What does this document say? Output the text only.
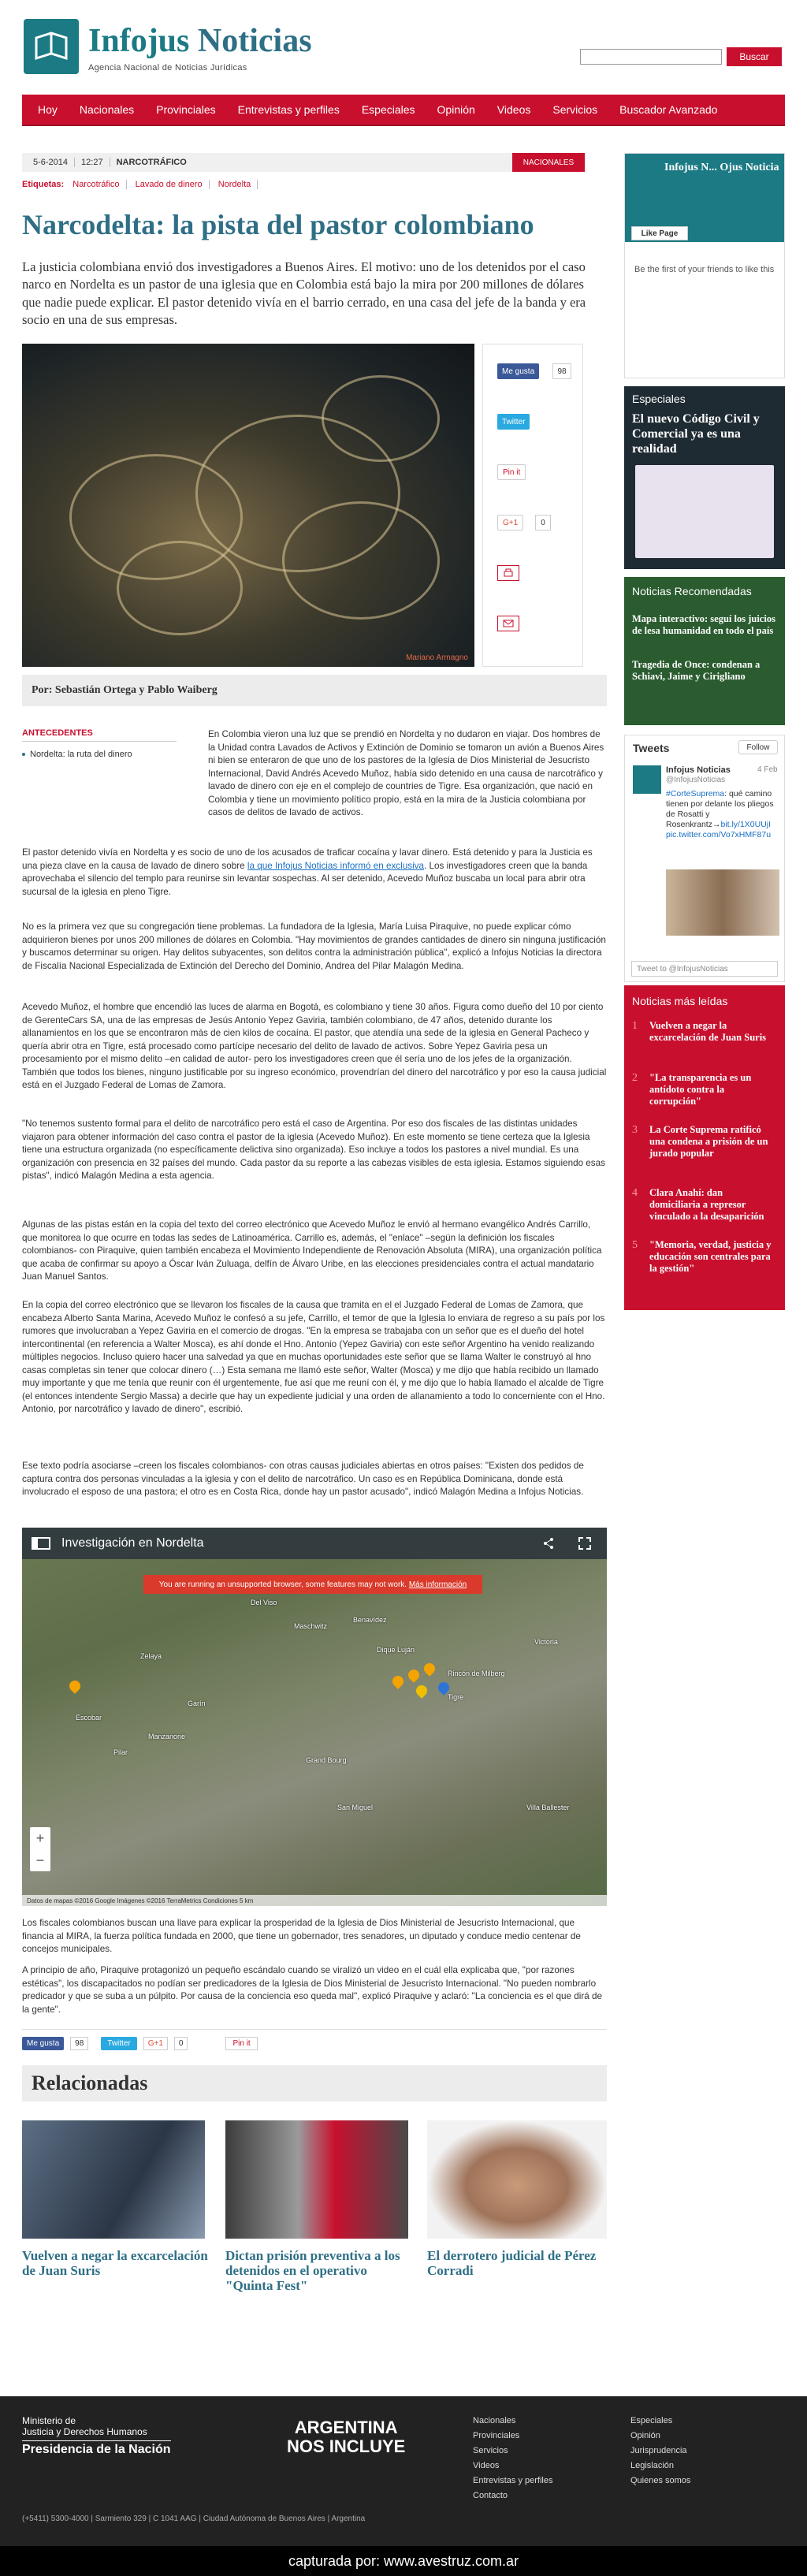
Infojus Noticias
Agencia Nacional de Noticias Jurídicas
Buscar
Hoy	Nacionales	Provinciales	Entrevistas y perfiles	Especiales	Opinión	Videos	Servicios	Buscador Avanzado
5-6-2014	12:27	NARCOTRÁFICO	NACIONALES
Etiquetas: Narcotráfico Lavado de dinero Nordelta
Narcodelta: la pista del pastor colombiano

La justicia colombiana envió dos investigadores a Buenos Aires. El motivo: uno de los detenidos por el caso narco en Nordelta es un pastor de una iglesia que en Colombia está bajo la mira por 200 millones de dólares que nadie puede explicar. El pastor detenido vivía en el barrio cerrado, en una casa del jefe de la banda y era socio en una de sus empresas.

Mariano Armagno
Me gusta	98
Twitter
Pin it
G+1	0
Por: Sebastián Ortega y Pablo Waiberg
ANTECEDENTES
Nordelta: la ruta del dinero
En Colombia vieron una luz que se prendió en Nordelta y no dudaron en viajar. Dos hombres de la Unidad contra Lavados de Activos y Extinción de Dominio se tomaron un avión a Buenos Aires ni bien se enteraron de que uno de los pastores de la Iglesia de Dios Ministerial de Jesucristo Internacional, David Andrés Acevedo Muñoz, había sido detenido en una causa de narcotráfico y lavado de dinero con eje en el complejo de countries de Tigre. Esa organización, que nació en Colombia y tiene un movimiento político propio, está en la mira de la Justicia colombiana por casos de delitos de lavado de activos.
El pastor detenido vivía en Nordelta y es socio de uno de los acusados de traficar cocaína y lavar dinero. Está detenido y para la Justicia es una pieza clave en la causa de lavado de dinero sobre la que Infojus Noticias informó en exclusiva. Los investigadores creen que la banda aprovechaba el silencio del templo para reunirse sin levantar sospechas. Al ser detenido, Acevedo Muñoz buscaba un local para abrir otra sucursal de la iglesia en pleno Tigre.
No es la primera vez que su congregación tiene problemas. La fundadora de la Iglesia, María Luisa Piraquive, no puede explicar cómo adquirieron bienes por unos 200 millones de dólares en Colombia. "Hay movimientos de grandes cantidades de dinero sin ninguna justificación y buscamos determinar su origen. Hay delitos subyacentes, son delitos contra la administración pública", explicó a Infojus Noticias la directora de Fiscalía Nacional Especializada de Extinción del Derecho del Dominio, Andrea del Pilar Malagón Medina.
Acevedo Muñoz, el hombre que encendió las luces de alarma en Bogotá, es colombiano y tiene 30 años. Figura como dueño del 10 por ciento de GerenteCars SA, una de las empresas de Jesús Antonio Yepez Gaviria, también colombiano, de 47 años, detenido durante los allanamientos en los que se encontraron más de cien kilos de cocaína. El pastor, que atendía una sede de la iglesia en General Pacheco y quería abrir otra en Tigre, está procesado como partícipe necesario del delito de lavado de activos. Sobre Yepez Gaviria pesa un procesamiento por el mismo delito –en calidad de autor- pero los investigadores creen que él sería uno de los jefes de la organización. También que todos los bienes, ninguno justificable por su ingreso económico, provendrían del dinero del narcotráfico y por eso la causa judicial está en el Juzgado Federal de Lomas de Zamora.
"No tenemos sustento formal para el delito de narcotráfico pero está el caso de Argentina. Por eso dos fiscales de las distintas unidades viajaron para obtener información del caso contra el pastor de la iglesia (Acevedo Muñoz). En este momento se tiene certeza que la Iglesia tiene una estructura organizada (no específicamente delictiva sino organizada). Eso incluye a todos los pastores a nivel mundial. Es una organización con presencia en 32 países del mundo. Cada pastor da su reporte a las cabezas visibles de esta iglesia. Estamos siguiendo esas pistas", indicó Malagón Medina a esta agencia.
Algunas de las pistas están en la copia del texto del correo electrónico que Acevedo Muñoz le envió al hermano evangélico Andrés Carrillo, que monitorea lo que ocurre en todas las sedes de Latinoamérica. Carrillo es, además, el "enlace" –según la definición los fiscales colombianos- con Piraquive, quien también encabeza el Movimiento Independiente de Renovación Absoluta (MIRA), una organización política que acaba de confirmar su apoyo a Óscar Iván Zuluaga, delfín de Álvaro Uribe, en las elecciones presidenciales contra el actual mandatario Juan Manuel Santos.
En la copia del correo electrónico que se llevaron los fiscales de la causa que tramita en el el Juzgado Federal de Lomas de Zamora, que encabeza Alberto Santa Marina, Acevedo Muñoz le confesó a su jefe, Carrillo, el temor de que la Iglesia lo enviara de regreso a su país por los rumores que involucraban a Yepez Gaviria en el comercio de drogas. "En la empresa se trabajaba con un señor que es el dueño del hotel intercontinental (en referencia a Walter Mosca), es ahí donde el Hno. Antonio (Yepez Gaviria) con este señor Argentino ha venido realizando múltiples negocios. Incluso quiero hacer una salvedad ya que en muchas oportunidades este señor que se llama Walter le construyó al hno casas completas sin tener que colocar dinero (…) Esta semana me llamó este señor, Walter (Mosca) y me dijo que había recibido un llamado muy importante y que me tenía que reunir con él urgentemente, fue así que me reuní con él, y me dijo que lo había llamado el alcalde de Tigre (el entonces intendente Sergio Massa) a decirle que hay un expediente judicial y una orden de allanamiento a todo lo concerniente con el Hno. Antonio, por narcotráfico y lavado de dinero", escribió.
Ese texto podría asociarse –creen los fiscales colombianos- con otras causas judiciales abiertas en otros países: "Existen dos pedidos de captura contra dos personas vinculadas a la iglesia y con el delito de narcotráfico. Un caso es en República Dominicana, donde está involucrado el esposo de una pastora; el otro es en Costa Rica, donde hay un pastor acusado", indicó Malagón Medina a Infojus Noticias.
Investigación en Nordelta
You are running an unsupported browser, some features may not work.
Más información
Escobar
Zelaya
Garín
Manzanone
Dique Luján
Tigre
Pilar
Grand Bourg
San Miguel	Villa Ballester
Del Viso
Benavídez
Maschwitz
Rincón de Milberg
Victoria
+
−
Datos de mapas ©2016 Google Imágenes ©2016 TerraMetrics Condiciones 5 km
Los fiscales colombianos buscan una llave para explicar la prosperidad de la Iglesia de Dios Ministerial de Jesucristo Internacional, que financia al MIRA, la fuerza política fundada en 2000, que tiene un gobernador, tres senadores, un diputado y conduce medio centenar de concejos municipales.
A principio de año, Piraquive protagonizó un pequeño escándalo cuando se viralizó un video en el cuál ella explicaba que, "por razones estéticas", los discapacitados no podían ser predicadores de la Iglesia de Dios Ministerial de Jesucristo Internacional. "No pueden nombrarlo predicador y que se suba a un púlpito. Por causa de la conciencia eso queda mal", explicó Piraquive y aclaró: "La conciencia es el que dirá de la gente".
Me gusta	98	Twitter	G+1	0	Pin it
Relacionadas
Vuelven a negar la excarcelación de Juan Suris
Dictan prisión preventiva a los detenidos en el operativo "Quinta Fest"
El derrotero judicial de Pérez Corradi
Infojus N... Ojus Noticia
Like Page
Be the first of your friends to like this
Especiales
El nuevo Código Civil y Comercial ya es una realidad
Noticias Recomendadas
Mapa interactivo: seguí los juicios de lesa humanidad en todo el país
Tragedia de Once: condenan a Schiavi, Jaime y Cirigliano
Tweets	Follow
Infojus Noticias
@InfojusNoticias
4 Feb
#CorteSuprema: qué camino tienen por delante los pliegos de Rosatti y Rosenkrantz→bit.ly/1X0UUjI pic.twitter.com/Vo7xHMF87u
Tweet to @InfojusNoticias
Noticias más leídas
1	Vuelven a negar la excarcelación de Juan Suris
2	"La transparencia es un antídoto contra la corrupción"
3	La Corte Suprema ratificó una condena a prisión de un jurado popular
4	Clara Anahí: dan domiciliaria a represor vinculado a la desaparición
5	"Memoria, verdad, justicia y educación son centrales para la gestión"
Ministerio de
Justicia y Derechos Humanos
Presidencia de la Nación
ARGENTINA
NOS INCLUYE
(+5411) 5300-4000 | Sarmiento 329 | C 1041 AAG | Ciudad Autónoma de Buenos Aires | Argentina
Nacionales
Provinciales
Servicios
Videos
Entrevistas y perfiles
Contacto
Especiales
Opinión
Jurisprudencia
Legislación
Quienes somos
capturada por: www.avestruz.com.ar
